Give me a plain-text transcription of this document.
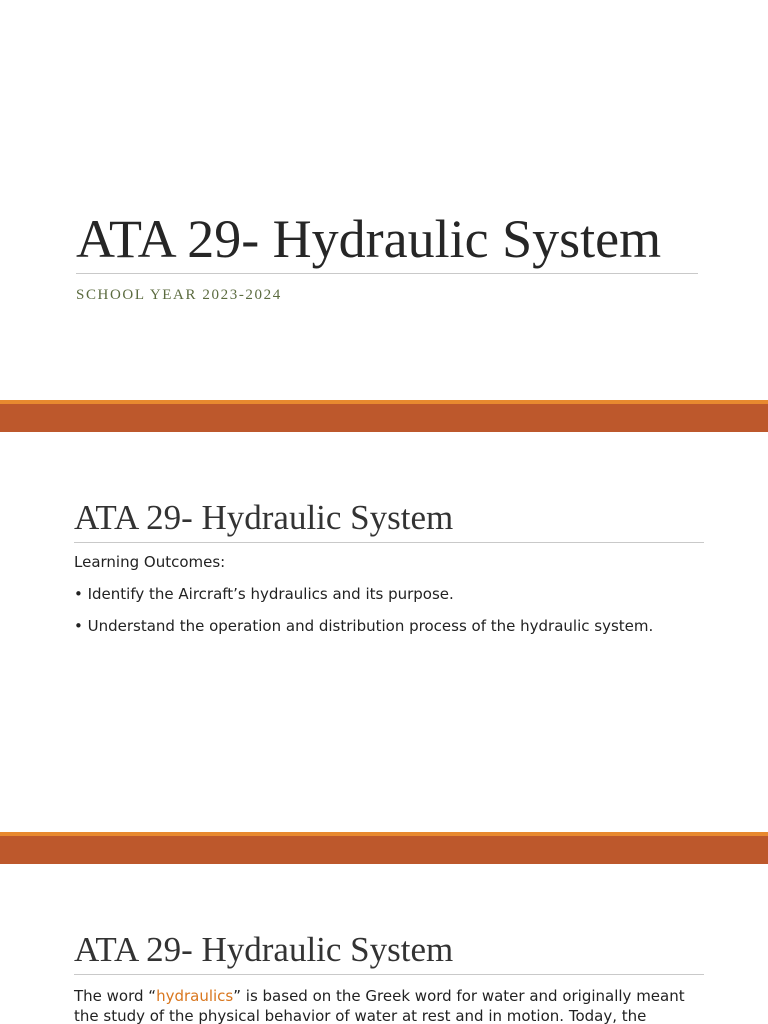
ATA 29- Hydraulic System

SCHOOL YEAR 2023-2024

ATA 29- Hydraulic System

Learning Outcomes:

• Identify the Aircraft’s hydraulics and its purpose.

• Understand the operation and distribution process of the hydraulic system.

ATA 29- Hydraulic System

The word “hydraulics” is based on the Greek word for water and originally meant
the study of the physical behavior of water at rest and in motion. Today, the
